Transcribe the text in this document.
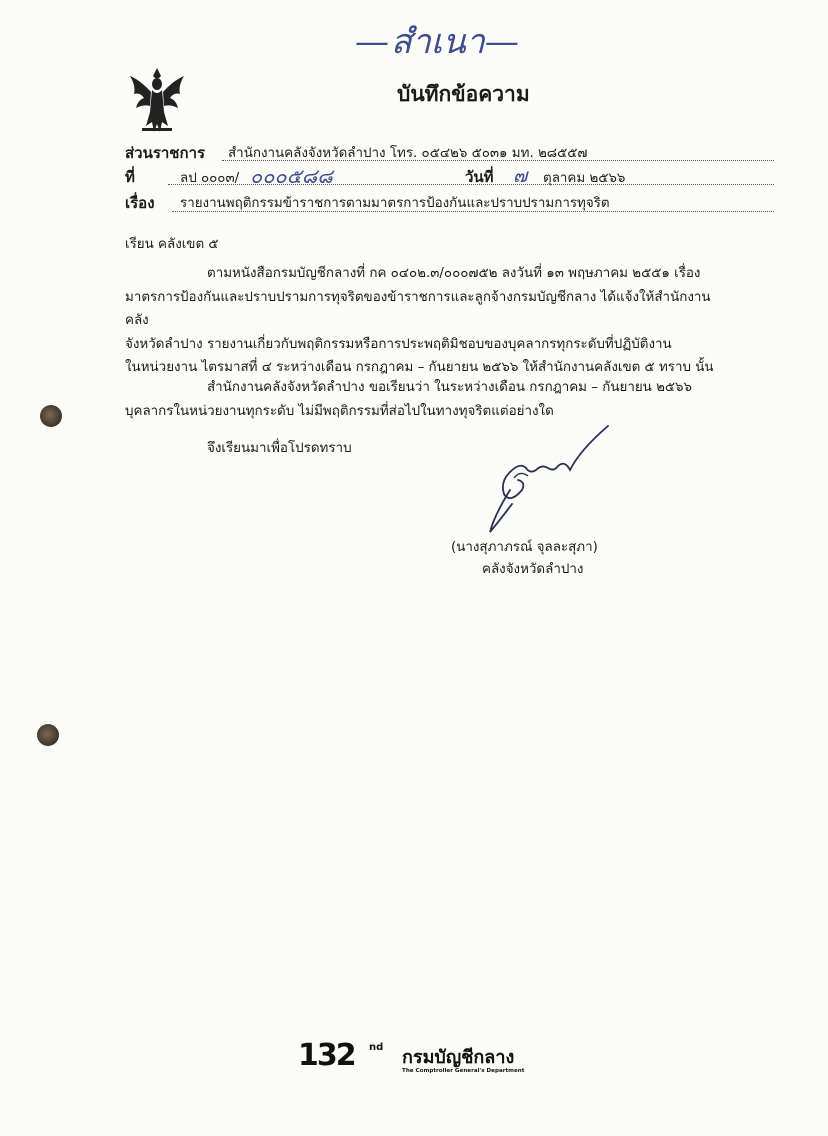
—สำเนา—
บันทึกข้อความ
ส่วนราชการ สำนักงานคลังจังหวัดลำปาง โทร. ๐๕๔๒๖ ๕๐๓๑ มท. ๒๘๕๕๗
ที่	ลป ๐๐๐๓/ ๐๐๐๕๘๘	วันที่ ๗ ตุลาคม ๒๕๖๖
เรื่อง รายงานพฤติกรรมข้าราชการตามมาตรการป้องกันและปราบปรามการทุจริต
เรียน คลังเขต ๕
ตามหนังสือกรมบัญชีกลางที่ กค ๐๔๐๒.๓/๐๐๐๗๕๒ ลงวันที่ ๑๓ พฤษภาคม ๒๕๕๑ เรื่อง
มาตรการป้องกันและปราบปรามการทุจริตของข้าราชการและลูกจ้างกรมบัญชีกลาง ได้แจ้งให้สำนักงานคลัง
จังหวัดลำปาง รายงานเกี่ยวกับพฤติกรรมหรือการประพฤติมิชอบของบุคลากรทุกระดับที่ปฏิบัติงาน
ในหน่วยงาน ไตรมาสที่ ๔ ระหว่างเดือน กรกฎาคม – กันยายน ๒๕๖๖ ให้สำนักงานคลังเขต ๕ ทราบ นั้น
สำนักงานคลังจังหวัดลำปาง ขอเรียนว่า ในระหว่างเดือน กรกฎาคม – กันยายน ๒๕๖๖
บุคลากรในหน่วยงานทุกระดับ ไม่มีพฤติกรรมที่ส่อไปในทางทุจริตแต่อย่างใด
จึงเรียนมาเพื่อโปรดทราบ
(นางสุภาภรณ์ จุลละสุภา)
คลังจังหวัดลำปาง
132 nd กรมบัญชีกลาง
The Comptroller General's Department
